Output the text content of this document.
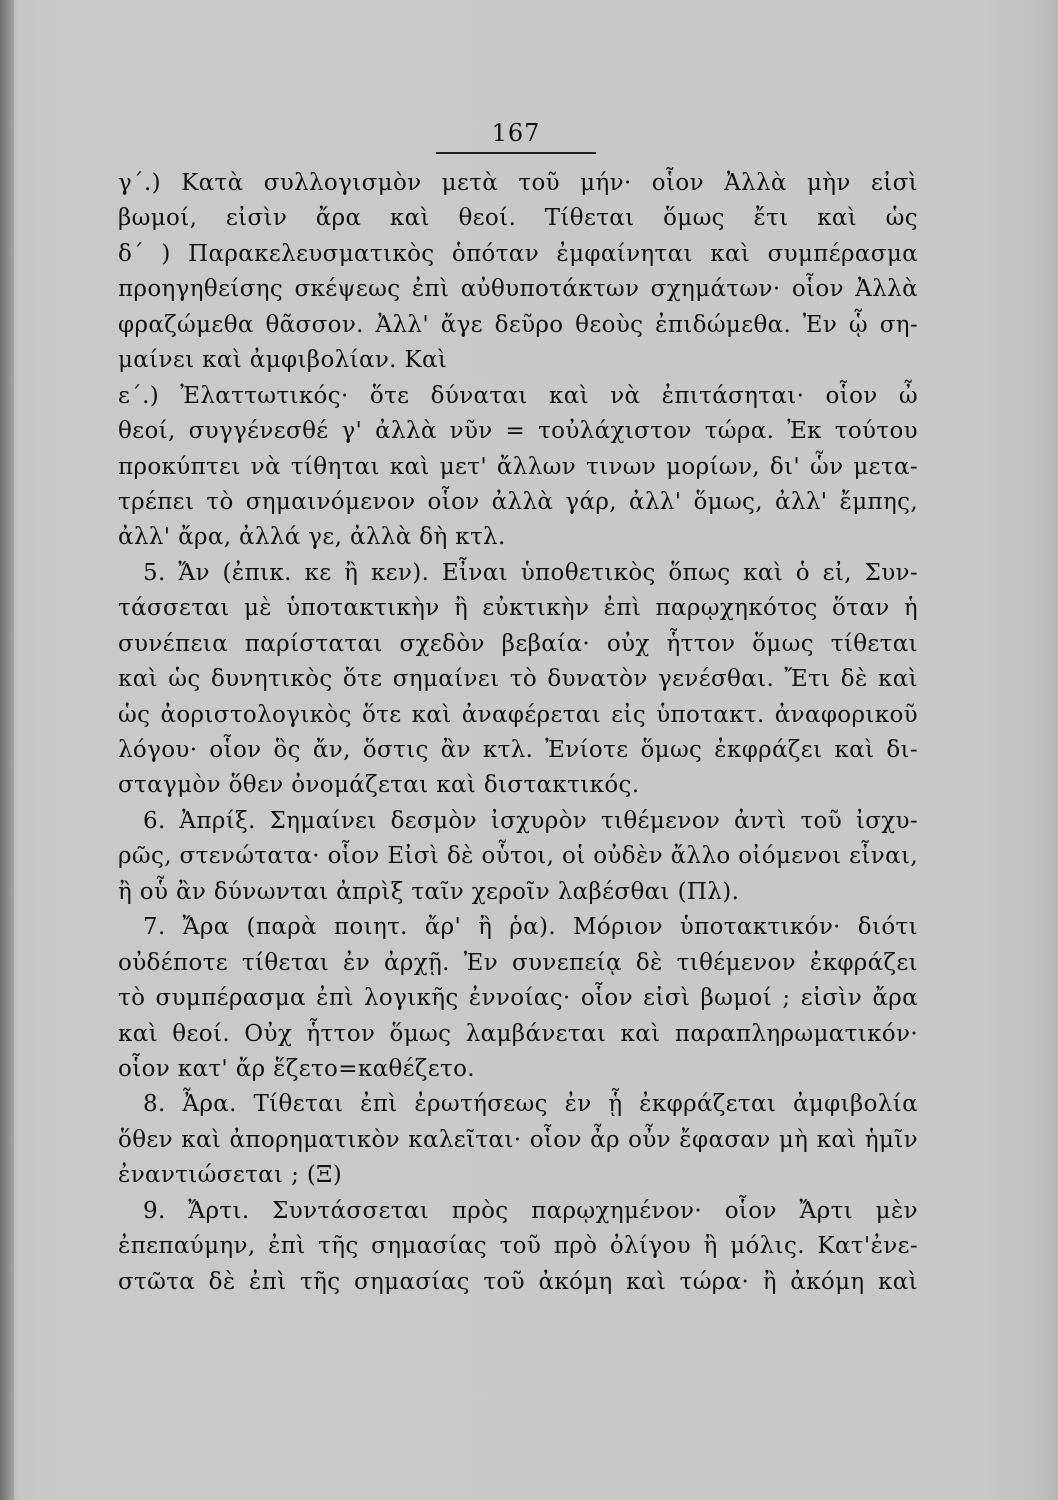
167
γ΄.) Κατὰ συλλογισμὸν μετὰ τοῦ μήν· οἷον Ἀλλὰ μὴν εἰσὶ
βωμοί, εἰσὶν ἄρα καὶ θεοί. Τίθεται ὅμως ἔτι καὶ ὡς
δ΄ ) Παρακελευσματικὸς ὁπόταν ἐμφαίνηται καὶ συμπέρασμα
προηγηθείσης σκέψεως ἐπὶ αὐθυποτάκτων σχημάτων· οἷον Ἀλλὰ
φραζώμεθα θᾶσσον. Ἀλλ' ἄγε δεῦρο θεοὺς ἐπιδώμεθα. Ἐν ᾧ ση-
μαίνει καὶ ἀμφιβολίαν. Καὶ
ε΄.) Ἐλαττωτικός· ὅτε δύναται καὶ νὰ ἐπιτάσηται· οἷον ὦ
θεοί, συγγένεσθέ γ' ἀλλὰ νῦν = τοὐλάχιστον τώρα. Ἐκ τούτου
προκύπτει νὰ τίθηται καὶ μετ' ἄλλων τινων μορίων, δι' ὧν μετα-
τρέπει τὸ σημαινόμενον οἷον ἀλλὰ γάρ, ἀλλ' ὅμως, ἀλλ' ἔμπης,
ἀλλ' ἄρα, ἀλλά γε, ἀλλὰ δὴ κτλ.
5. Ἄν (ἐπικ. κε ἢ κεν). Εἶναι ὑποθετικὸς ὅπως καὶ ὁ εἰ, Συν-
τάσσεται μὲ ὑποτακτικὴν ἢ εὐκτικὴν ἐπὶ παρῳχηκότος ὅταν ἡ
συνέπεια παρίσταται σχεδὸν βεβαία· οὐχ ἧττον ὅμως τίθεται
καὶ ὡς δυνητικὸς ὅτε σημαίνει τὸ δυνατὸν γενέσθαι. Ἔτι δὲ καὶ
ὡς ἀοριστολογικὸς ὅτε καὶ ἀναφέρεται εἰς ὑποτακτ. ἀναφορικοῦ
λόγου· οἷον ὃς ἄν, ὅστις ἂν κτλ. Ἐνίοτε ὅμως ἐκφράζει καὶ δι-
σταγμὸν ὅθεν ὀνομάζεται καὶ διστακτικός.
6. Ἀπρίξ. Σημαίνει δεσμὸν ἰσχυρὸν τιθέμενον ἀντὶ τοῦ ἰσχυ-
ρῶς, στενώτατα· οἷον Εἰσὶ δὲ οὗτοι, οἱ οὐδὲν ἄλλο οἰόμενοι εἶναι,
ἢ οὗ ἂν δύνωνται ἀπρὶξ ταῖν χεροῖν λαβέσθαι (Πλ).
7. Ἄρα (παρὰ ποιητ. ἄρ' ἢ ῥα). Μόριον ὑποτακτικόν· διότι
οὐδέποτε τίθεται ἐν ἀρχῇ. Ἐν συνεπείᾳ δὲ τιθέμενον ἐκφράζει
τὸ συμπέρασμα ἐπὶ λογικῆς ἐννοίας· οἷον εἰσὶ βωμοί ; εἰσὶν ἄρα
καὶ θεοί. Οὐχ ἧττον ὅμως λαμβάνεται καὶ παραπληρωματικόν·
οἷον κατ' ἄρ ἕζετο=καθέζετο.
8. Ἆρα. Τίθεται ἐπὶ ἐρωτήσεως ἐν ᾗ ἐκφράζεται ἀμφιβολία
ὅθεν καὶ ἀπορηματικὸν καλεῖται· οἷον ἆρ οὖν ἔφασαν μὴ καὶ ἡμῖν
ἐναντιώσεται ; (Ξ)
9. Ἄρτι. Συντάσσεται πρὸς παρῳχημένον· οἷον Ἄρτι μὲν
ἐπεπαύμην, ἐπὶ τῆς σημασίας τοῦ πρὸ ὀλίγου ἢ μόλις. Κατ'ἐνε-
στῶτα δὲ ἐπὶ τῆς σημασίας τοῦ ἀκόμη καὶ τώρα· ἢ ἀκόμη καὶ
